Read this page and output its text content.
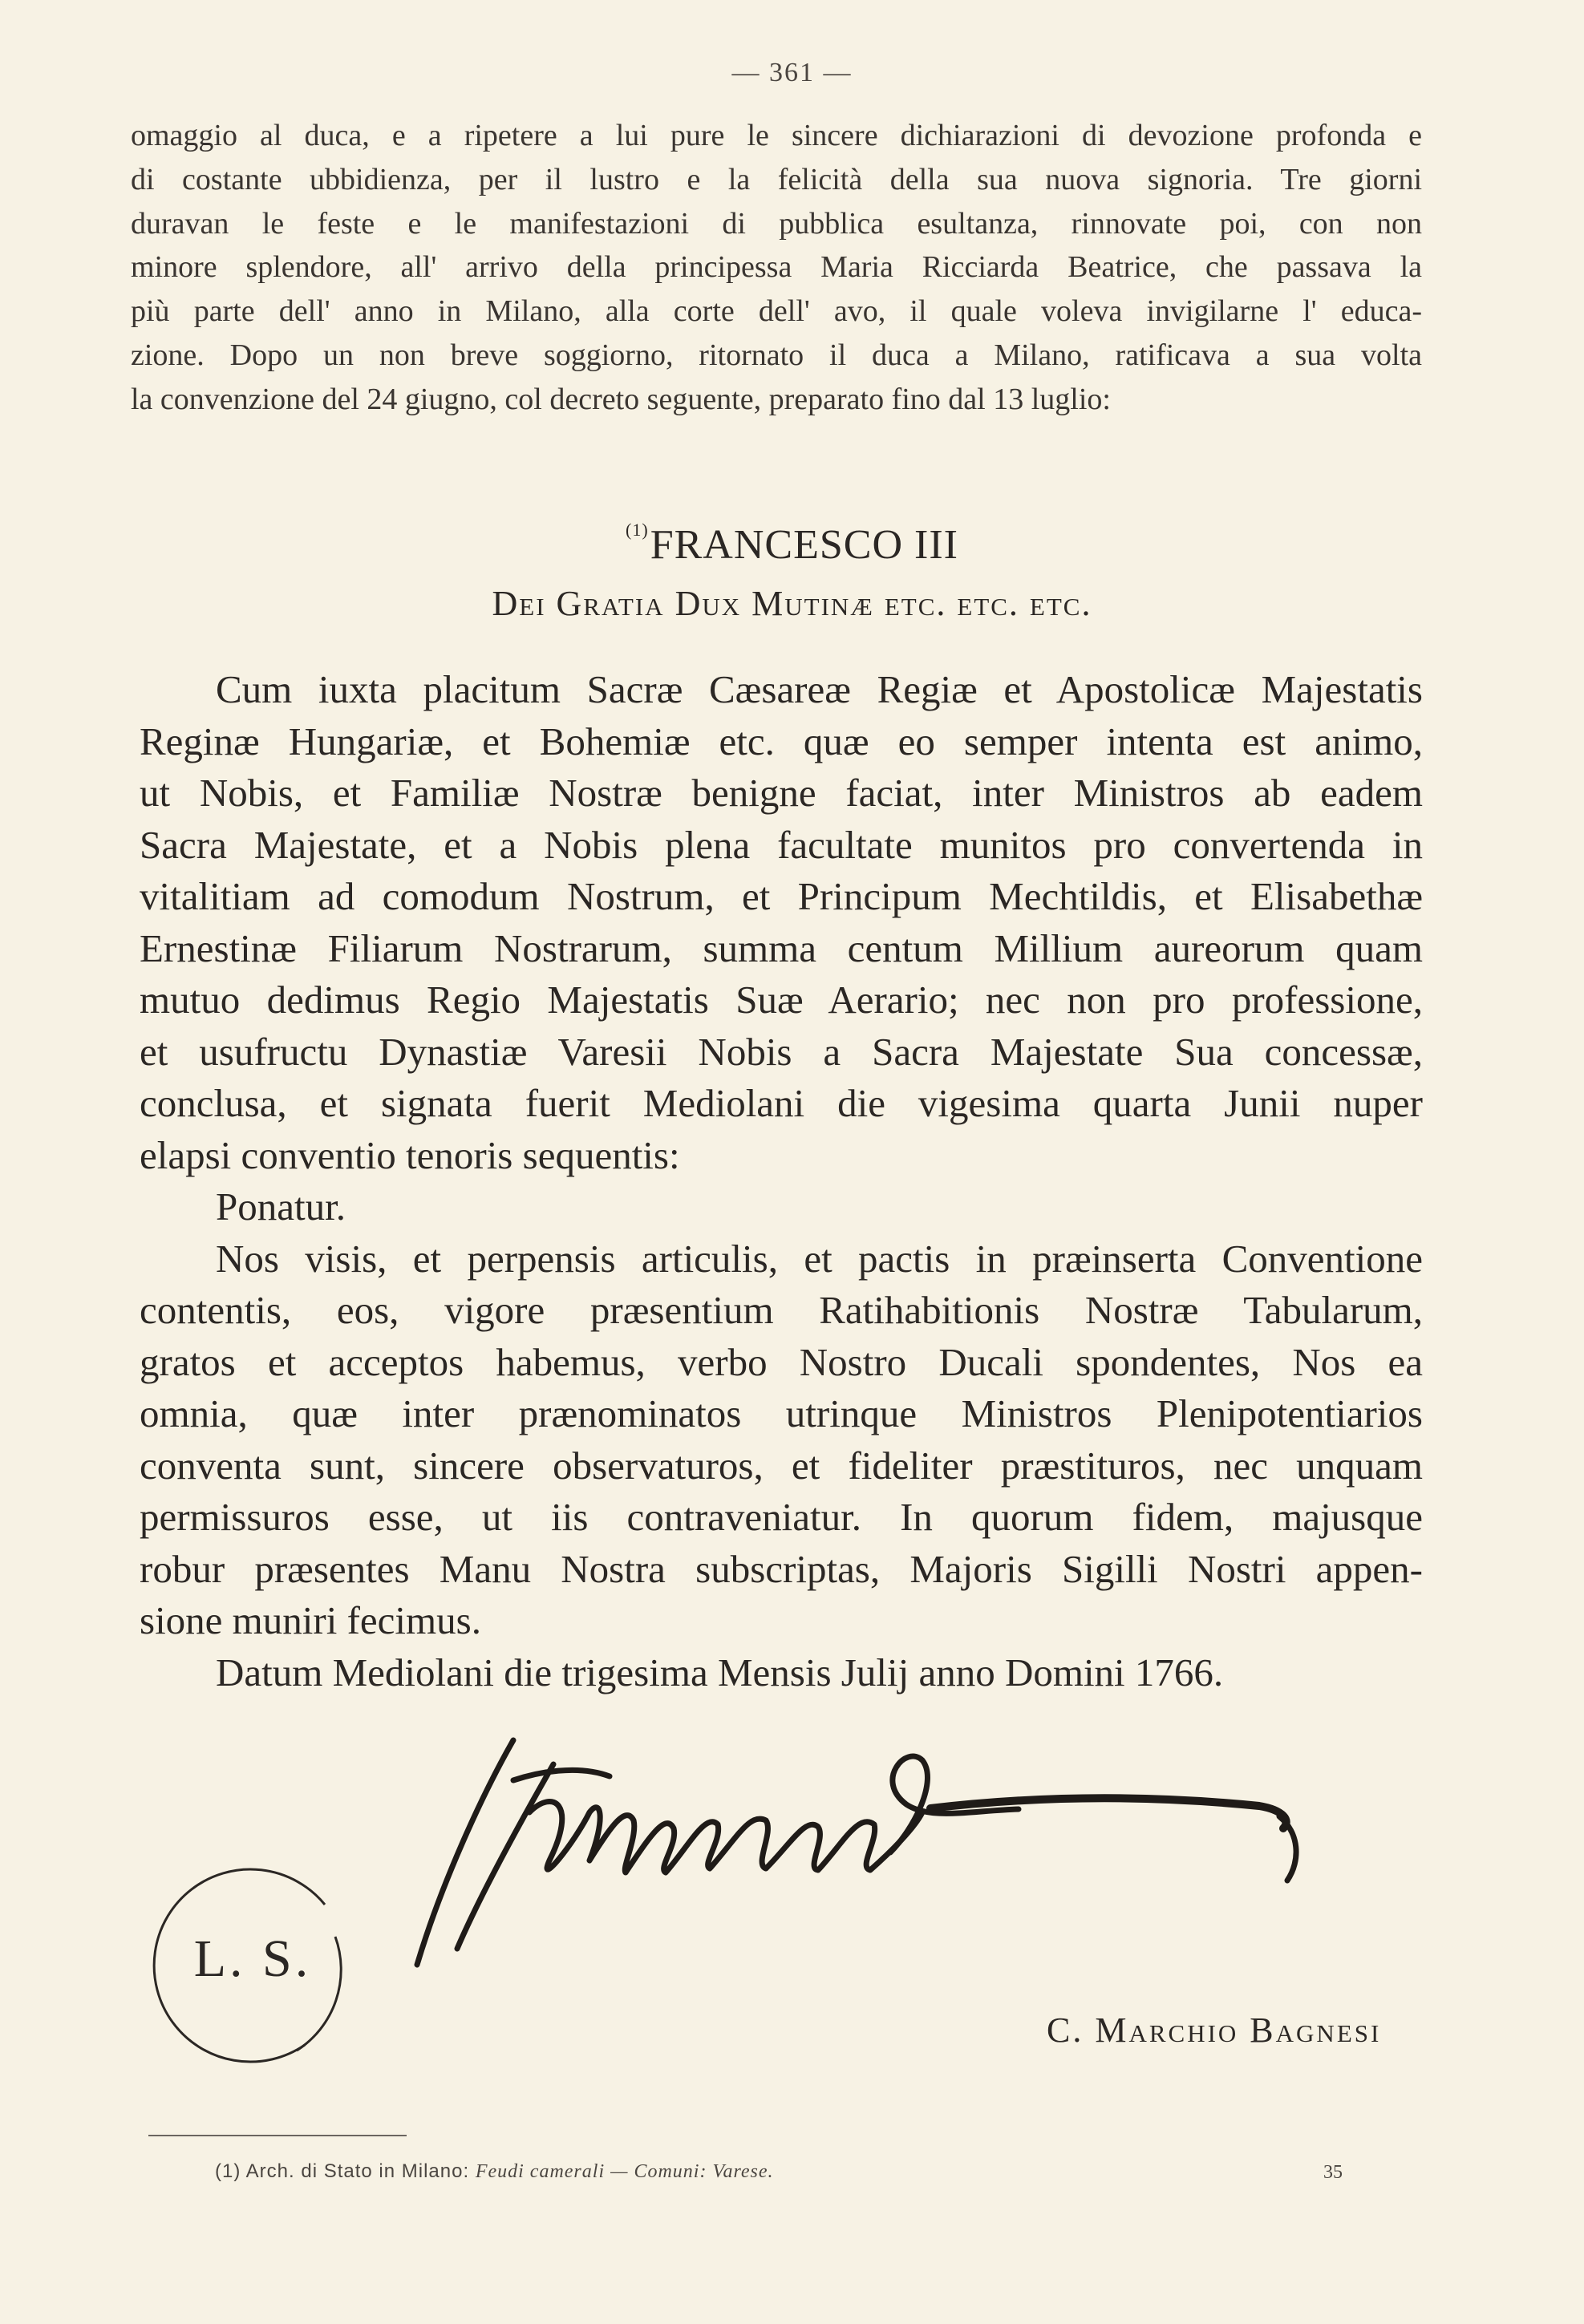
— 361 —
omaggio al duca, e a ripetere a lui pure le sincere dichiarazioni di devozione profonda e
di costante ubbidienza, per il lustro e la felicità della sua nuova signoria. Tre giorni
duravan le feste e le manifestazioni di pubblica esultanza, rinnovate poi, con non
minore splendore, all' arrivo della principessa Maria Ricciarda Beatrice, che passava la
più parte dell' anno in Milano, alla corte dell' avo, il quale voleva invigilarne l' educa-
zione. Dopo un non breve soggiorno, ritornato il duca a Milano, ratificava a sua volta
la convenzione del 24 giugno, col decreto seguente, preparato fino dal 13 luglio:
$^{(1)}$FRANCESCO III
Dei Gratia Dux Mutinæ etc. etc. etc.
Cum iuxta placitum Sacræ Cæsareæ Regiæ et Apostolicæ Majestatis
Reginæ Hungariæ, et Bohemiæ etc. quæ eo semper intenta est animo,
ut Nobis, et Familiæ Nostræ benigne faciat, inter Ministros ab eadem
Sacra Majestate, et a Nobis plena facultate munitos pro convertenda in
vitalitiam ad comodum Nostrum, et Principum Mechtildis, et Elisabethæ
Ernestinæ Filiarum Nostrarum, summa centum Millium aureorum quam
mutuo dedimus Regio Majestatis Suæ Aerario; nec non pro professione,
et usufructu Dynastiæ Varesii Nobis a Sacra Majestate Sua concessæ,
conclusa, et signata fuerit Mediolani die vigesima quarta Junii nuper
elapsi conventio tenoris sequentis:
Ponatur.
Nos visis, et perpensis articulis, et pactis in præinserta Conventione
contentis, eos, vigore præsentium Ratihabitionis Nostræ Tabularum,
gratos et acceptos habemus, verbo Nostro Ducali spondentes, Nos ea
omnia, quæ inter prænominatos utrinque Ministros Plenipotentiarios
conventa sunt, sincere observaturos, et fideliter præstituros, nec unquam
permissuros esse, ut iis contraveniatur. In quorum fidem, majusque
robur præsentes Manu Nostra subscriptas, Majoris Sigilli Nostri appen-
sione muniri fecimus.
Datum Mediolani die trigesima Mensis Julij anno Domini 1766.
L. S.
C. Marchio Bagnesi
(1) Arch. di Stato in Milano: Feudi camerali — Comuni: Varese.	35
